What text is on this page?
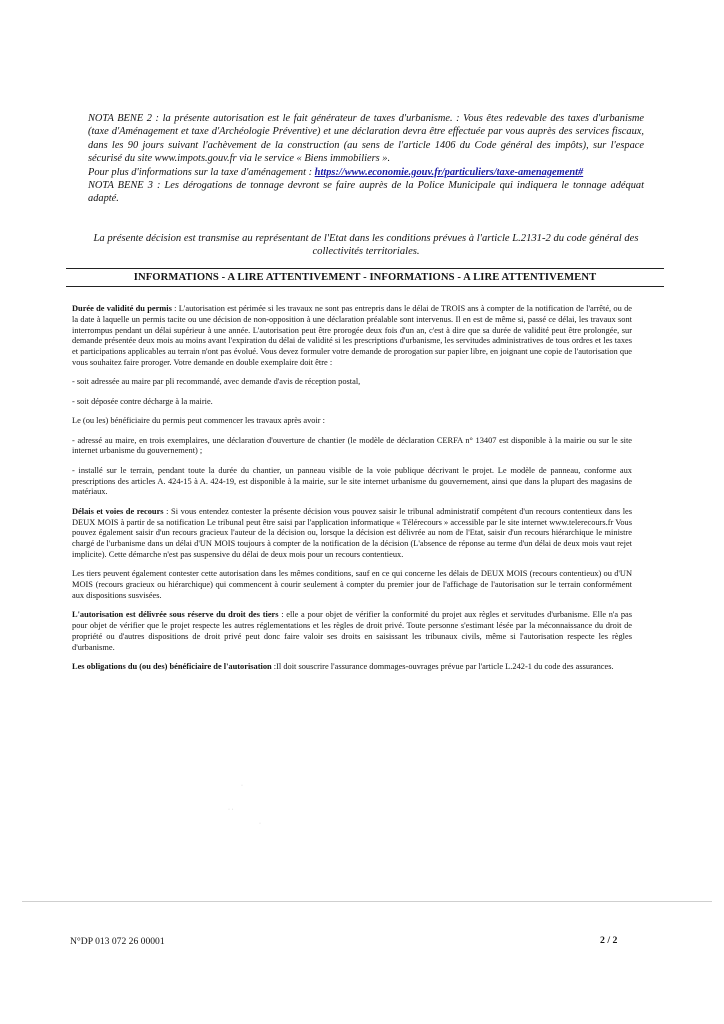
NOTA BENE 2 : la présente autorisation est le fait générateur de taxes d'urbanisme. : Vous êtes redevable des taxes d'urbanisme (taxe d'Aménagement et taxe d'Archéologie Préventive) et une déclaration devra être effectuée par vous auprès des services fiscaux, dans les 90 jours suivant l'achèvement de la construction (au sens de l'article 1406 du Code général des impôts), sur l'espace sécurisé du site www.impots.gouv.fr via le service « Biens immobiliers ».

Pour plus d'informations sur la taxe d'aménagement : https://www.economie.gouv.fr/particuliers/taxe-amenagement#

NOTA BENE 3 : Les dérogations de tonnage devront se faire auprès de la Police Municipale qui indiquera le tonnage adéquat adapté.

La présente décision est transmise au représentant de l'Etat dans les conditions prévues à l'article L.2131-2 du code général des collectivités territoriales.
INFORMATIONS - A LIRE ATTENTIVEMENT - INFORMATIONS - A LIRE ATTENTIVEMENT

Durée de validité du permis : L'autorisation est périmée si les travaux ne sont pas entrepris dans le délai de TROIS ans à compter de la notification de l'arrêté, ou de la date à laquelle un permis tacite ou une décision de non-opposition à une déclaration préalable sont intervenus. Il en est de même si, passé ce délai, les travaux sont interrompus pendant un délai supérieur à une année. L'autorisation peut être prorogée deux fois d'un an, c'est à dire que sa durée de validité peut être prolongée, sur demande présentée deux mois au moins avant l'expiration du délai de validité si les prescriptions d'urbanisme, les servitudes administratives de tous ordres et les taxes et participations applicables au terrain n'ont pas évolué. Vous devez formuler votre demande de prorogation sur papier libre, en joignant une copie de l'autorisation que vous souhaitez faire proroger. Votre demande en double exemplaire doit être :

- soit adressée au maire par pli recommandé, avec demande d'avis de réception postal,

- soit déposée contre décharge à la mairie.

Le (ou les) bénéficiaire du permis peut commencer les travaux après avoir :

- adressé au maire, en trois exemplaires, une déclaration d'ouverture de chantier (le modèle de déclaration CERFA n° 13407 est disponible à la mairie ou sur le site internet urbanisme du gouvernement) ;

- installé sur le terrain, pendant toute la durée du chantier, un panneau visible de la voie publique décrivant le projet. Le modèle de panneau, conforme aux prescriptions des articles A. 424-15 à A. 424-19, est disponible à la mairie, sur le site internet urbanisme du gouvernement, ainsi que dans la plupart des magasins de matériaux.

Délais et voies de recours : Si vous entendez contester la présente décision vous pouvez saisir le tribunal administratif compétent d'un recours contentieux dans les DEUX MOIS à partir de sa notification Le tribunal peut être saisi par l'application informatique « Télérecours » accessible par le site internet www.telerecours.fr Vous pouvez également saisir d'un recours gracieux l'auteur de la décision ou, lorsque la décision est délivrée au nom de l'Etat, saisir d'un recours hiérarchique le ministre chargé de l'urbanisme dans un délai d'UN MOIS toujours à compter de la notification de la décision (L'absence de réponse au terme d'un délai de deux mois vaut rejet implicite). Cette démarche n'est pas suspensive du délai de deux mois pour un recours contentieux.

Les tiers peuvent également contester cette autorisation dans les mêmes conditions, sauf en ce qui concerne les délais de DEUX MOIS (recours contentieux) ou d'UN MOIS (recours gracieux ou hiérarchique) qui commencent à courir seulement à compter du premier jour de l'affichage de l'autorisation sur le terrain conformément aux dispositions susvisées.

L'autorisation est délivrée sous réserve du droit des tiers : elle a pour objet de vérifier la conformité du projet aux règles et servitudes d'urbanisme. Elle n'a pas pour objet de vérifier que le projet respecte les autres réglementations et les règles de droit privé. Toute personne s'estimant lésée par la méconnaissance du droit de propriété ou d'autres dispositions de droit privé peut donc faire valoir ses droits en saisissant les tribunaux civils, même si l'autorisation respecte les règles d'urbanisme.

Les obligations du (ou des) bénéficiaire de l'autorisation :Il doit souscrire l'assurance dommages-ouvrages prévue par l'article L.242-1 du code des assurances.

·
· ·
·
N°DP 013 072 26 00001	2 / 2
